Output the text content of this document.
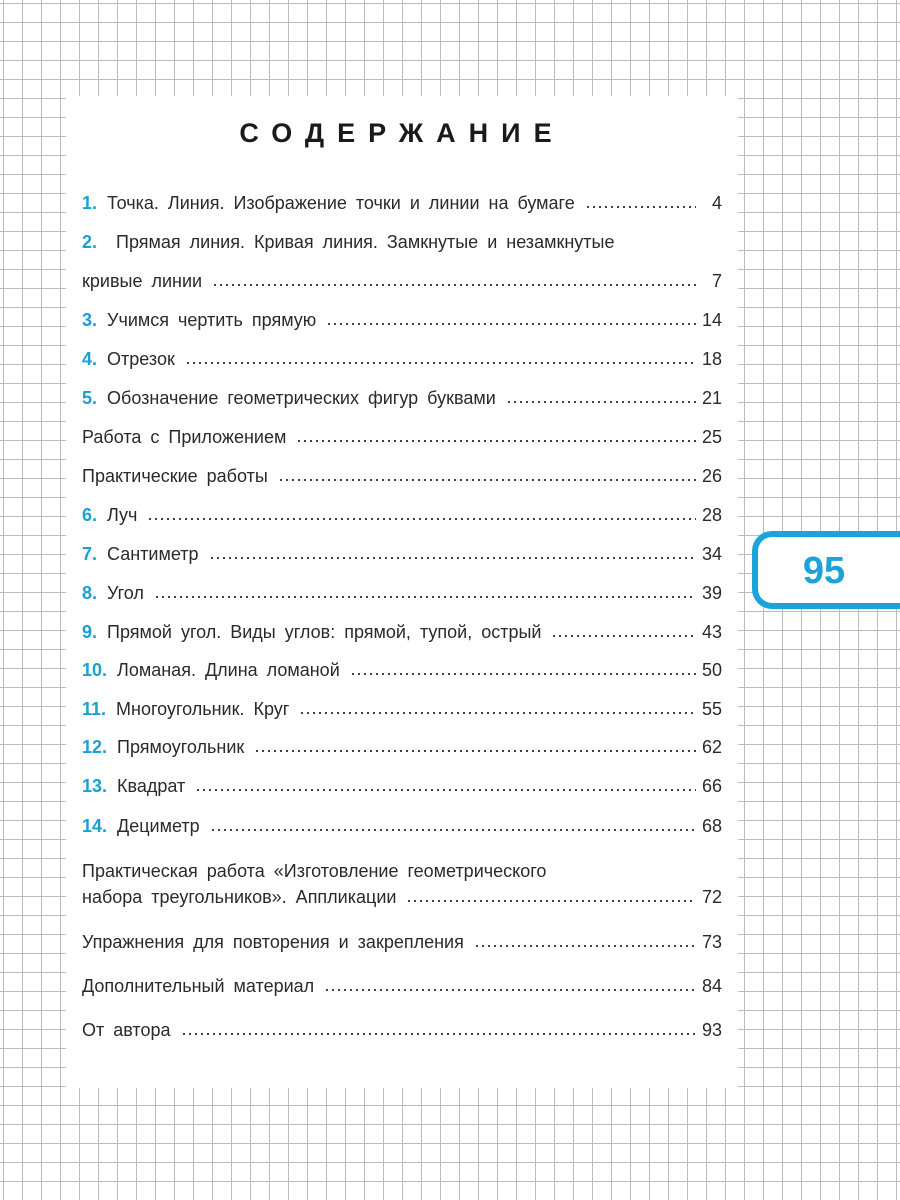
СОДЕРЖАНИЕ
1. Точка. Линия. Изображение точки и линии на бумаге	4
2. Прямая линия. Кривая линия. Замкнутые и незамкнутые
кривые линии	7
3. Учимся чертить прямую	14
4. Отрезок	18
5. Обозначение геометрических фигур буквами	21
Работа с Приложением	25
Практические работы	26
6. Луч	28
7. Сантиметр	34
8. Угол	39
9. Прямой угол. Виды углов: прямой, тупой, острый	43
10. Ломаная. Длина ломаной	50
11. Многоугольник. Круг	55
12. Прямоугольник	62
13. Квадрат	66
14. Дециметр	68
Практическая работа «Изготовление геометрического
набора треугольников». Аппликации	72
Упражнения для повторения и закрепления	73
Дополнительный материал	84
От автора	93
95
